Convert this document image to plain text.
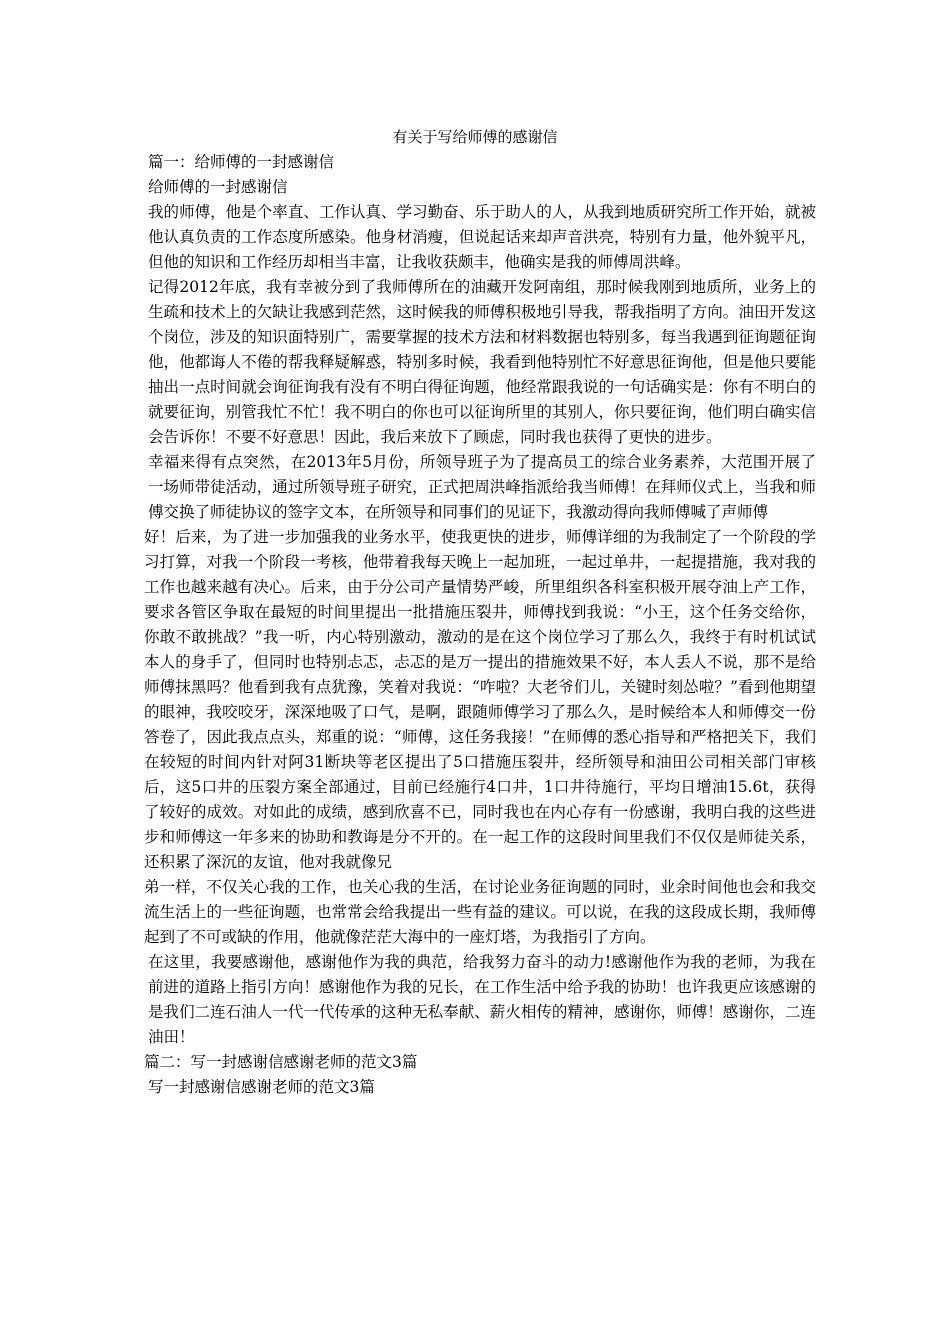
有关于写给师傅的感谢信

篇一：给师傅的一封感谢信

给师傅的一封感谢信

我的师傅，他是个率直、工作认真、学习勤奋、乐于助人的人，从我到地质研究所工作开始，就被他认真负责的工作态度所感染。他身材消瘦，但说起话来却声音洪亮，特别有力量，他外貌平凡，但他的知识和工作经历却相当丰富，让我收获颇丰，他确实是我的师傅周洪峰。

记得2012年底，我有幸被分到了我师傅所在的油藏开发阿南组，那时候我刚到地质所，业务上的生疏和技术上的欠缺让我感到茫然，这时候我的师傅积极地引导我，帮我指明了方向。油田开发这个岗位，涉及的知识面特别广，需要掌握的技术方法和材料数据也特别多，每当我遇到征询题征询他，他都诲人不倦的帮我释疑解惑，特别多时候，我看到他特别忙不好意思征询他，但是他只要能抽出一点时间就会询征询我有没有不明白得征询题，他经常跟我说的一句话确实是：你有不明白的就要征询，别管我忙不忙！我不明白的你也可以征询所里的其别人，你只要征询，他们明白确实信会告诉你！不要不好意思！因此，我后来放下了顾虑，同时我也获得了更快的进步。

幸福来得有点突然，在2013年5月份，所领导班子为了提高员工的综合业务素养，大范围开展了一场师带徒活动，通过所领导班子研究，正式把周洪峰指派给我当师傅！在拜师仪式上，当我和师傅交换了师徒协议的签字文本，在所领导和同事们的见证下，我激动得向我师傅喊了声师傅

好！后来，为了进一步加强我的业务水平，使我更快的进步，师傅详细的为我制定了一个阶段的学习打算，对我一个阶段一考核，他带着我每天晚上一起加班，一起过单井，一起提措施，我对我的工作也越来越有决心。后来，由于分公司产量情势严峻，所里组织各科室积极开展夺油上产工作，要求各管区争取在最短的时间里提出一批措施压裂井，师傅找到我说：“小王，这个任务交给你，你敢不敢挑战？”我一听，内心特别激动，激动的是在这个岗位学习了那么久，我终于有时机试试本人的身手了，但同时也特别忐忑，忐忑的是万一提出的措施效果不好，本人丢人不说，那不是给师傅抹黑吗？他看到我有点犹豫，笑着对我说：“咋啦？大老爷们儿，关键时刻怂啦？”看到他期望的眼神，我咬咬牙，深深地吸了口气，是啊，跟随师傅学习了那么久，是时候给本人和师傅交一份答卷了，因此我点点头，郑重的说：“师傅，这任务我接！”在师傅的悉心指导和严格把关下，我们在较短的时间内针对阿31断块等老区提出了5口措施压裂井，经所领导和油田公司相关部门审核后，这5口井的压裂方案全部通过，目前已经施行4口井，1口井待施行，平均日增油15.6t，获得了较好的成效。对如此的成绩，感到欣喜不已，同时我也在内心存有一份感谢，我明白我的这些进步和师傅这一年多来的协助和教诲是分不开的。在一起工作的这段时间里我们不仅仅是师徒关系，还积累了深沉的友谊，他对我就像兄

弟一样，不仅关心我的工作，也关心我的生活，在讨论业务征询题的同时，业余时间他也会和我交流生活上的一些征询题，也常常会给我提出一些有益的建议。可以说，在我的这段成长期，我师傅起到了不可或缺的作用，他就像茫茫大海中的一座灯塔，为我指引了方向。

在这里，我要感谢他，感谢他作为我的典范，给我努力奋斗的动力!感谢他作为我的老师，为我在前进的道路上指引方向！感谢他作为我的兄长，在工作生活中给予我的协助！也许我更应该感谢的是我们二连石油人一代一代传承的这种无私奉献、薪火相传的精神，感谢你，师傅！感谢你，二连油田！

篇二：写一封感谢信感谢老师的范文3篇

写一封感谢信感谢老师的范文3篇
